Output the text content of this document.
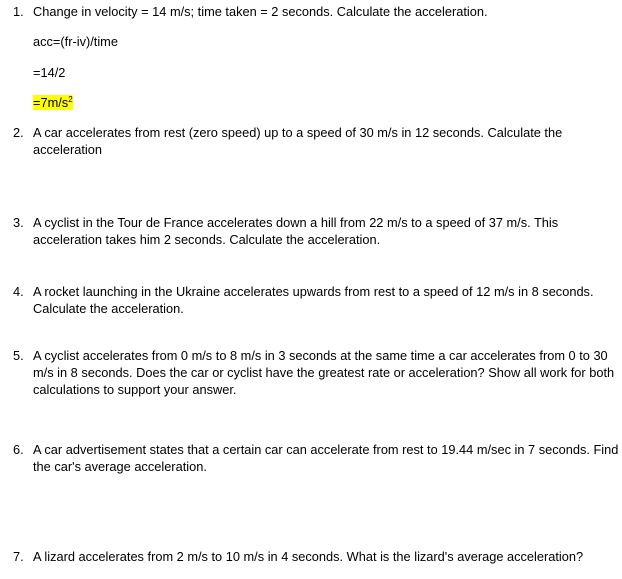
1. Change in velocity = 14 m/s; time taken = 2 seconds. Calculate the acceleration.
acc=(fr-iv)/time
=14/2
$=7m/s^2$
2. A car accelerates from rest (zero speed) up to a speed of 30 m/s in 12 seconds. Calculate the acceleration
3. A cyclist in the Tour de France accelerates down a hill from 22 m/s to a speed of 37 m/s. This acceleration takes him 2 seconds. Calculate the acceleration.
4. A rocket launching in the Ukraine accelerates upwards from rest to a speed of 12 m/s in 8 seconds. Calculate the acceleration.
5. A cyclist accelerates from 0 m/s to 8 m/s in 3 seconds at the same time a car accelerates from 0 to 30 m/s in 8 seconds. Does the car or cyclist have the greatest rate or acceleration? Show all work for both calculations to support your answer.
6. A car advertisement states that a certain car can accelerate from rest to 19.44 m/sec in 7 seconds. Find the car's average acceleration.
7. A lizard accelerates from 2 m/s to 10 m/s in 4 seconds. What is the lizard's average acceleration?
